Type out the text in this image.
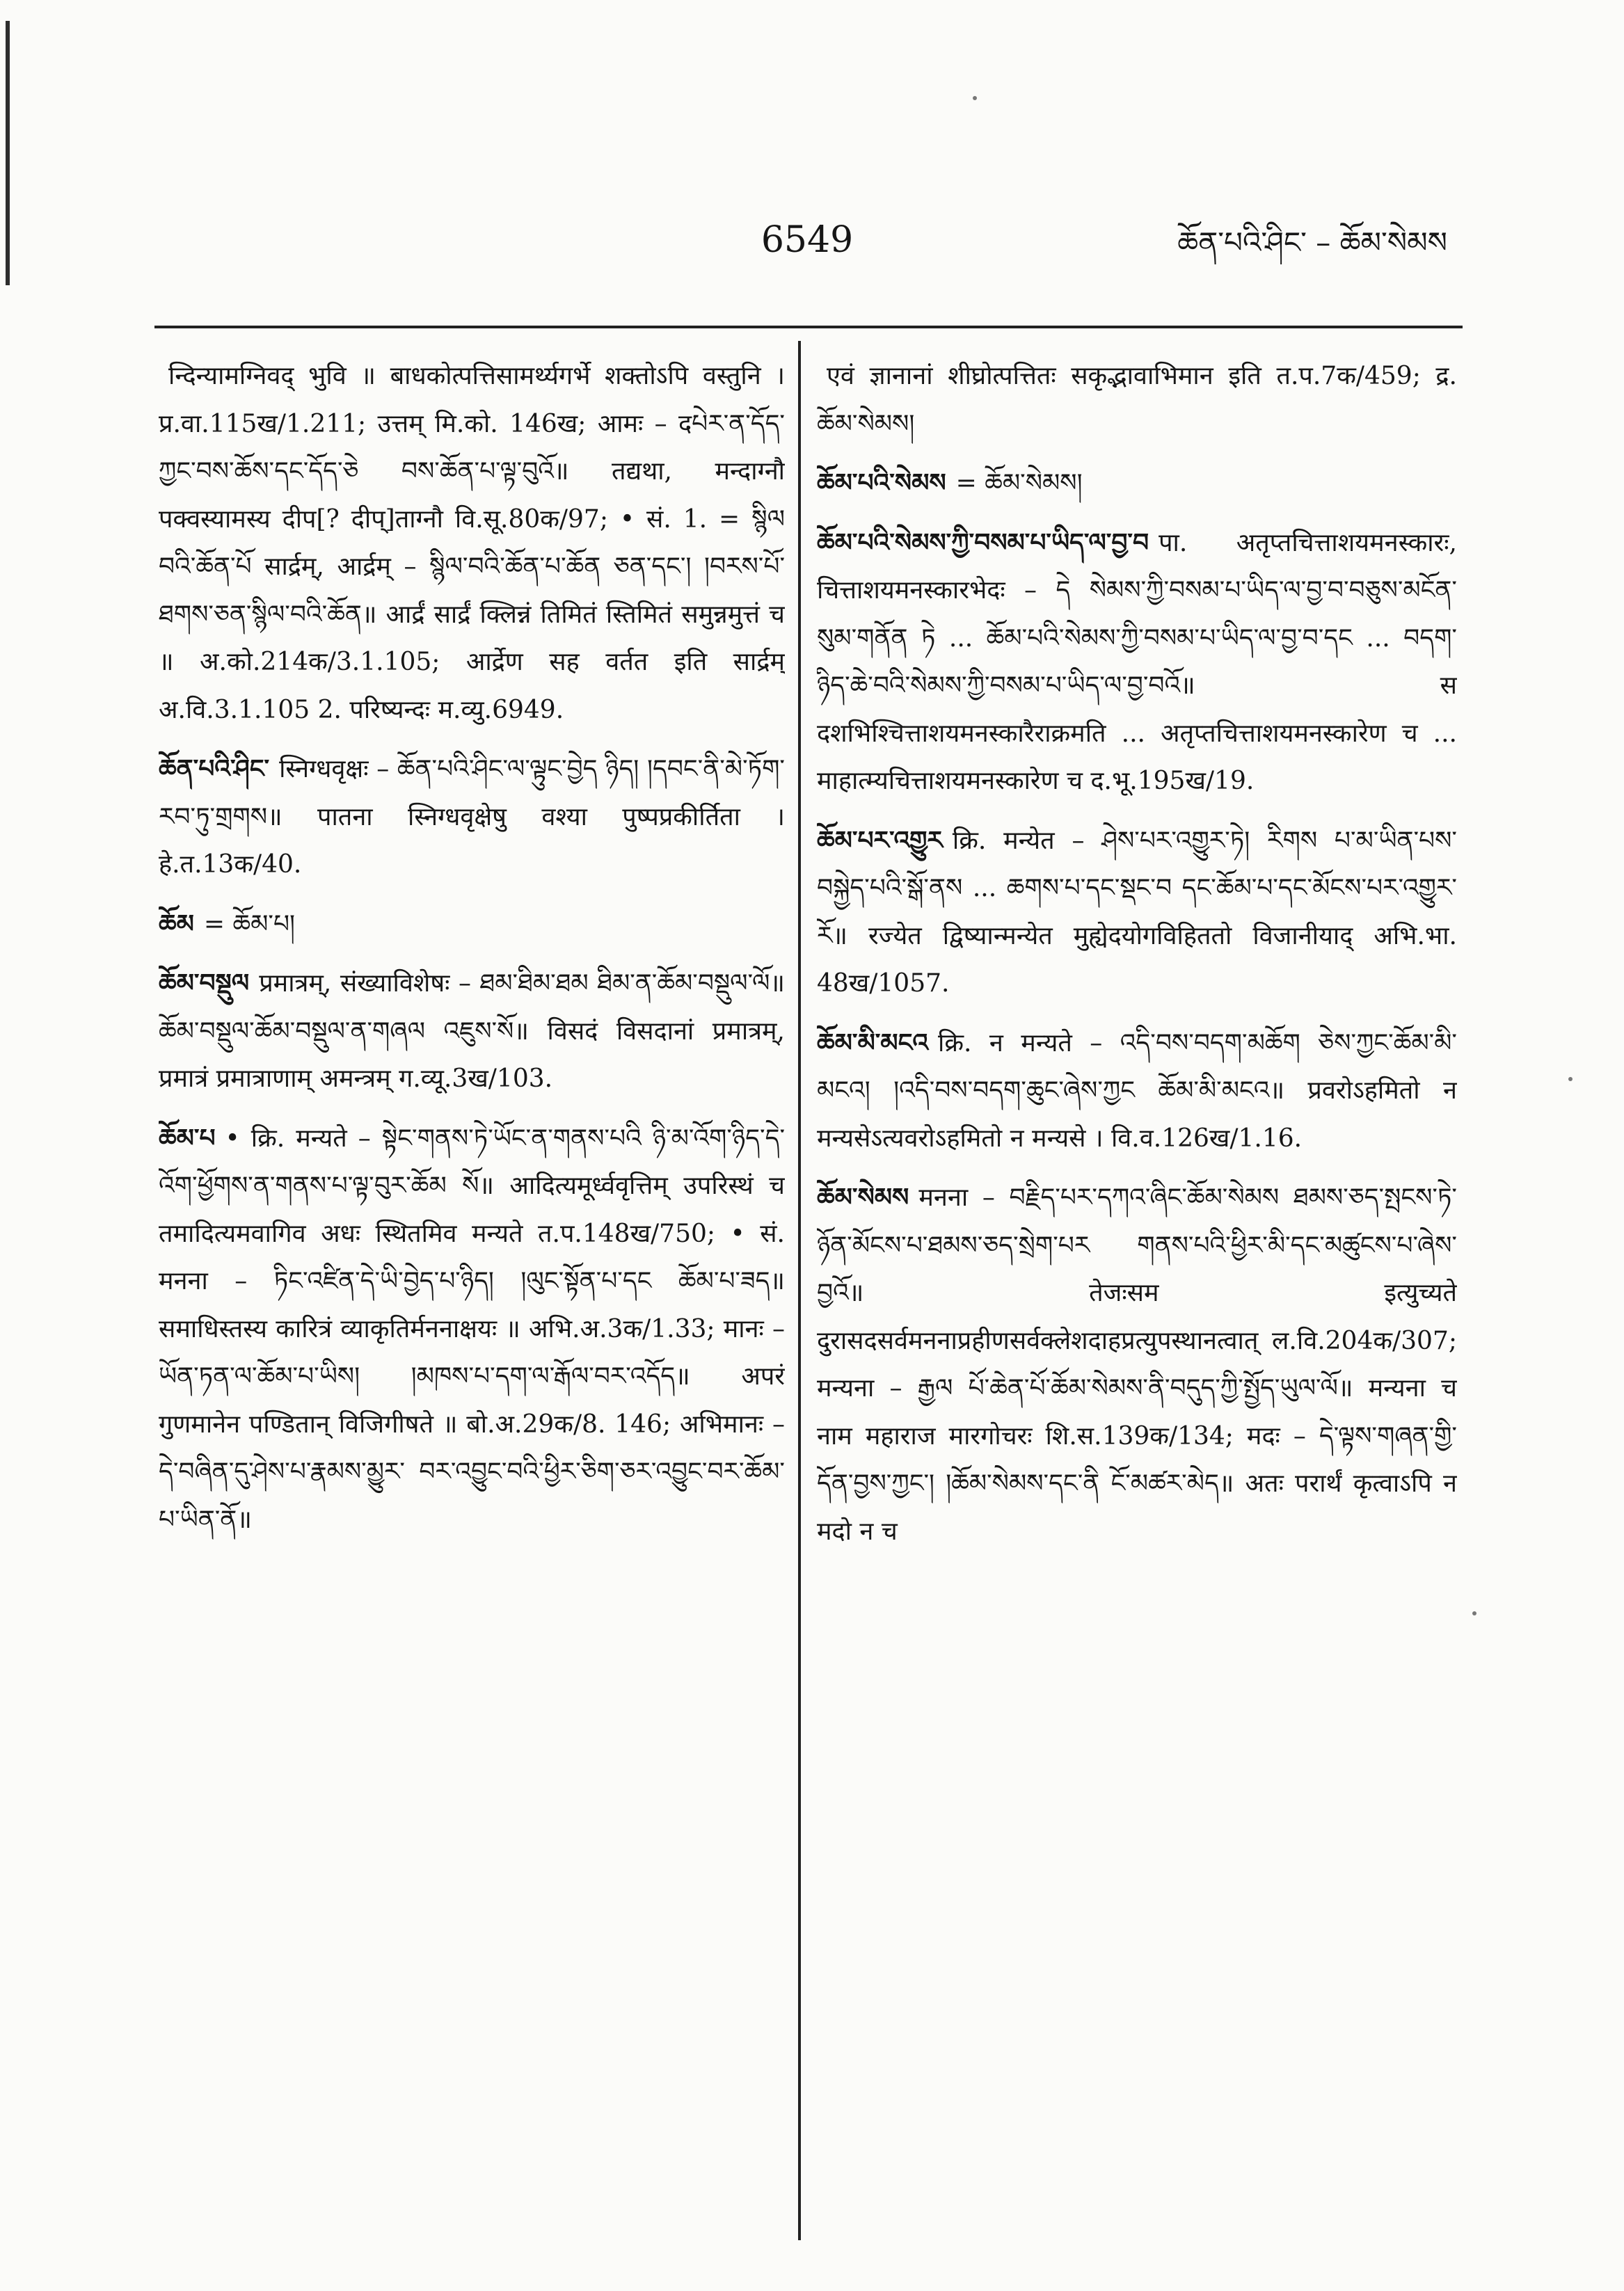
6549	ཆོན་པའི་ཤིང་ – ཆོམ་སེམས

न्दिन्यामग्निवद् भुवि ॥ बाधकोत्पत्तिसामर्थ्यगर्भे शक्तोऽपि वस्तुनि । प्र.वा.115ख/1.211; उत्तम् मि.को. 146ख; आमः – दཔེར་ན་དོད་ཀྱང་བས་ཆོས་དང་དོད་ཅེ བས་ཆོན་པ་ལྟ་བུའོ॥ तद्यथा, मन्दाग्नौ पक्वस्यामस्य दीप[? दीप्]ताग्नौ वि.सू.80क/97; • सं. 1. = སྙིལ བའི་ཆོན་པོ सार्द्रम्, आर्द्रम् – སྙིལ་བའི་ཆོན་པ་ཆོན ཅན་དང་། །བརས་པོ་ཐགས་ཅན་སྙིལ་བའི་ཆོན॥ आर्द्रं सार्द्रं क्लिन्नं तिमितं स्तिमितं समुन्नमुत्तं च ॥ अ.को.214क/3.1.105; आर्द्रेण सह वर्तत इति सार्द्रम् अ.वि.3.1.105 2. परिष्यन्दः म.व्यु.6949.

ཆོན་པའི་ཤིང་ स्निग्धवृक्षः – ཆོན་པའི་ཤིང་ལ་ལྟུང་བྱེད ཉིད། །དབང་ནི་མེ་ཏོག་རབ་ཏུ་གྲགས॥ पातना स्निग्धवृक्षेषु वश्या पुष्पप्रकीर्तिता । हे.त.13क/40.

ཆོམ = ཆོམ་པ།

ཆོམ་བསྡུལ प्रमात्रम्, संख्याविशेषः – ཐམ་ཐིམ་ཐམ ཐིམ་ན་ཆོམ་བསྡུལ་ལོ॥ ཆོམ་བསྡུལ་ཆོམ་བསྡུལ་ན་གཞལ འཇུས་སོ॥ विसदं विसदानां प्रमात्रम्, प्रमात्रं प्रमात्राणाम् अमन्त्रम् ग.व्यू.3ख/103.

ཆོམ་པ • क्रि. मन्यते – སྟེང་གནས་ཏེ་ཡོང་ན་གནས་པའི ཉི་མ་འོག་ཉིད་དེ་འོག་ཕྱོགས་ན་གནས་པ་ལྟ་བུར་ཆོམ སོ॥ आदित्यमूर्ध्ववृत्तिम् उपरिस्थं च तमादित्यमवागिव अधः स्थितमिव मन्यते त.प.148ख/750; • सं. मनना – ཏིང་འཛིན་དེ་ཡི་བྱེད་པ་ཉིད། །ལུང་སྟོན་པ་དང ཆོམ་པ་ཟད॥ समाधिस्तस्य कारित्रं व्याकृतिर्मननाक्षयः ॥ अभि.अ.3क/1.33; मानः – ཡོན་ཏན་ལ་ཆོམ་པ་ཡིས། །མཁས་པ་དག་ལ་རྒོལ་བར་འདོད॥ अपरं गुणमानेन पण्डितान् विजिगीषते ॥ बो.अ.29क/8. 146; अभिमानः – དེ་བཞིན་དུ་ཤེས་པ་རྣམས་མྱུར་ བར་འབྱུང་བའི་ཕྱིར་ཅིག་ཅར་འབྱུང་བར་ཆོམ་པ་ཡིན་ནོ॥

एवं ज्ञानानां शीघ्रोत्पत्तितः सकृद्भावाभिमान इति त.प.7क/459; द्र. ཆོམ་སེམས།

ཆོམ་པའི་སེམས = ཆོམ་སེམས།

ཆོམ་པའི་སེམས་ཀྱི་བསམ་པ་ཡིད་ལ་བྱ་བ पा. अतृप्तचित्ताशयमनस्कारः, चित्ताशयमनस्कारभेदः – དེ སེམས་ཀྱི་བསམ་པ་ཡིད་ལ་བྱ་བ་བཅུས་མངོན་སུམ་གནོན ཏེ ... ཆོམ་པའི་སེམས་ཀྱི་བསམ་པ་ཡིད་ལ་བྱ་བ་དང ... བདག་ཉིད་ཆེ་བའི་སེམས་ཀྱི་བསམ་པ་ཡིད་ལ་བྱ་བའོ॥ स दशभिश्चित्ताशयमनस्कारैराक्रमति ... अतृप्तचित्ताशयमनस्कारेण च ... माहात्म्यचित्ताशयमनस्कारेण च द.भू.195ख/19.

ཆོམ་པར་འགྱུར क्रि. मन्येत – ཤེས་པར་འགྱུར་ཏེ། རིགས པ་མ་ཡིན་པས་བསྐྱེད་པའི་སྒོ་ནས ... ཆགས་པ་དང་སྡང་བ དང་ཆོམ་པ་དང་མོངས་པར་འགྱུར་རོ॥ रज्येत द्विष्यान्मन्येत मुह्येदयोगविहिततो विजानीयाद् अभि.भा. 48ख/1057.

ཆོམ་མི་མངའ क्रि. न मन्यते – འདི་བས་བདག་མཆོག ཅེས་ཀྱང་ཆོམ་མི་མངའ། །འདི་བས་བདག་ཆུང་ཞེས་ཀྱང ཆོམ་མི་མངའ॥ प्रवरोऽहमितो न मन्यसेऽत्यवरोऽहमितो न मन्यसे । वि.व.126ख/1.16.

ཆོམ་སེམས मनना – བརྗིད་པར་དཀའ་ཞིང་ཆོམ་སེམས ཐམས་ཅད་སྤངས་ཏེ་ཉོན་མོངས་པ་ཐམས་ཅད་སྲེག་པར གནས་པའི་ཕྱིར་མི་དང་མཚུངས་པ་ཞེས་བྱའོ॥ तेजःसम इत्युच्यते दुरासदसर्वमननाप्रहीणसर्वक्लेशदाहप्रत्युपस्थानत्वात् ल.वि.204क/307; मन्यना – རྒྱལ པོ་ཆེན་པོ་ཆོམ་སེམས་ནི་བདུད་ཀྱི་སྤྱོད་ཡུལ་ལོ॥ मन्यना च नाम महाराज मारगोचरः शि.स.139क/134; मदः – དེ་ལྟས་གཞན་གྱི་དོན་བྱས་ཀྱང་། །ཆོམ་སེམས་དང་ནི ངོ་མཚར་མེད॥ अतः परार्थं कृत्वाऽपि न मदो न च
